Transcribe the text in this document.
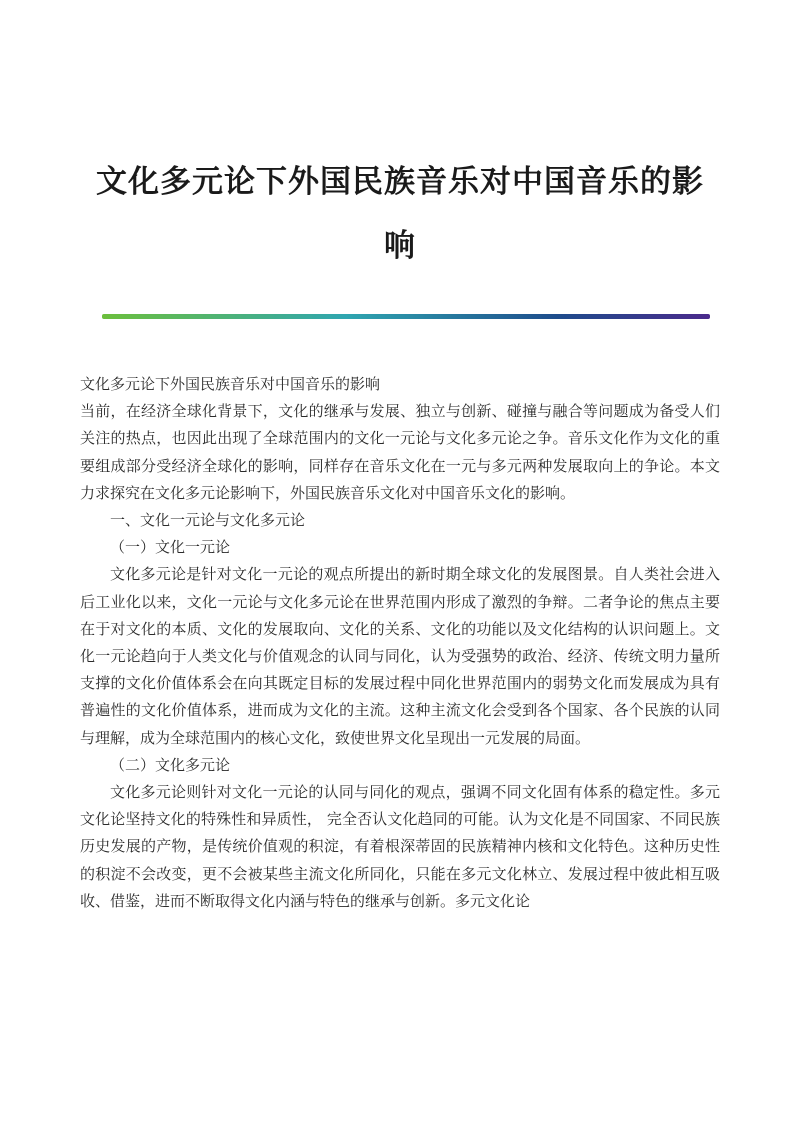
文化多元论下外国民族音乐对中国音乐的影
响

文化多元论下外国民族音乐对中国音乐的影响

当前，在经济全球化背景下，文化的继承与发展、独立与创新、碰撞与融合等问题成为备受人们关注的热点，也因此出现了全球范围内的文化一元论与文化多元论之争。音乐文化作为文化的重要组成部分受经济全球化的影响，同样存在音乐文化在一元与多元两种发展取向上的争论。本文力求探究在文化多元论影响下，外国民族音乐文化对中国音乐文化的影响。

一、文化一元论与文化多元论

（一）文化一元论

文化多元论是针对文化一元论的观点所提出的新时期全球文化的发展图景。自人类社会进入后工业化以来，文化一元论与文化多元论在世界范围内形成了激烈的争辩。二者争论的焦点主要在于对文化的本质、文化的发展取向、文化的关系、文化的功能以及文化结构的认识问题上。文化一元论趋向于人类文化与价值观念的认同与同化，认为受强势的政治、经济、传统文明力量所支撑的文化价值体系会在向其既定目标的发展过程中同化世界范围内的弱势文化而发展成为具有普遍性的文化价值体系，进而成为文化的主流。这种主流文化会受到各个国家、各个民族的认同与理解，成为全球范围内的核心文化，致使世界文化呈现出一元发展的局面。

（二）文化多元论

文化多元论则针对文化一元论的认同与同化的观点，强调不同文化固有体系的稳定性。多元文化论坚持文化的特殊性和异质性， 完全否认文化趋同的可能。认为文化是不同国家、不同民族历史发展的产物，是传统价值观的积淀，有着根深蒂固的民族精神内核和文化特色。这种历史性的积淀不会改变，更不会被某些主流文化所同化，只能在多元文化林立、发展过程中彼此相互吸收、借鉴，进而不断取得文化内涵与特色的继承与创新。多元文化论
